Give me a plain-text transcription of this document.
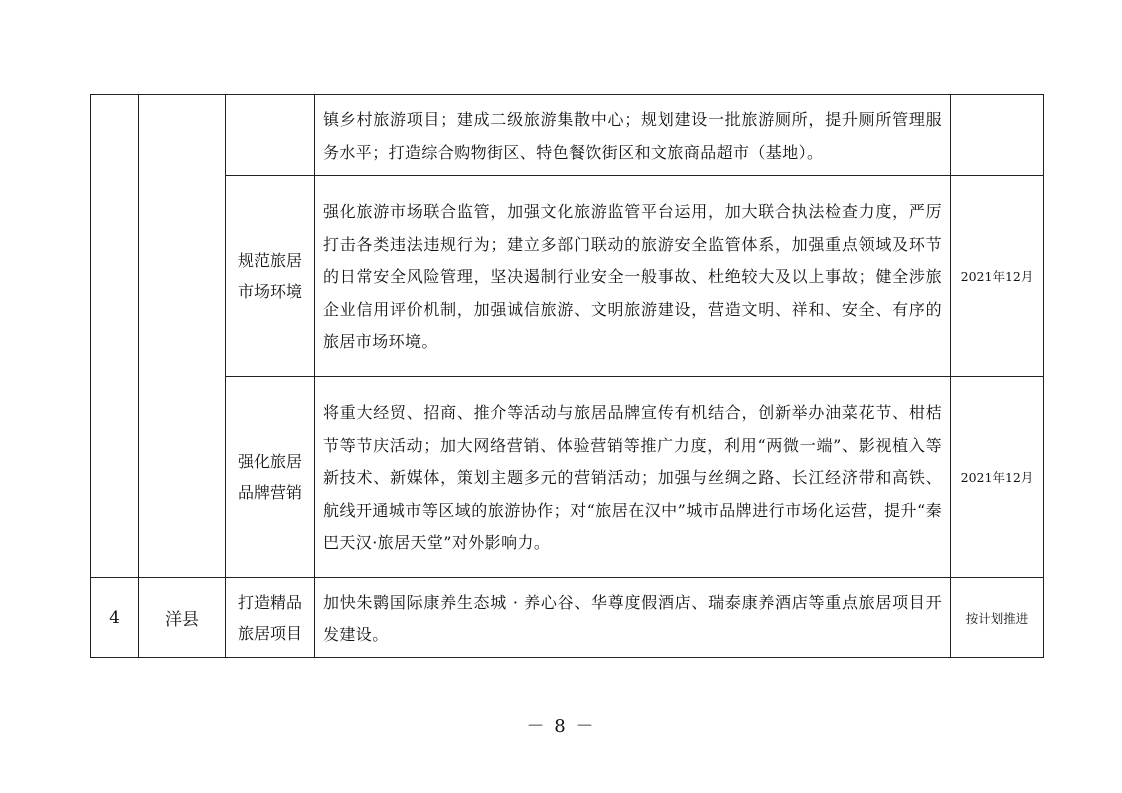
			镇乡村旅游项目；建成二级旅游集散中心；规划建设一批旅游厕所，提升厕所管理服务水平；打造综合购物街区、特色餐饮街区和文旅商品超市（基地）。	
		规范旅居市场环境	强化旅游市场联合监管，加强文化旅游监管平台运用，加大联合执法检查力度，严厉打击各类违法违规行为；建立多部门联动的旅游安全监管体系，加强重点领域及环节的日常安全风险管理，坚决遏制行业安全一般事故、杜绝较大及以上事故；健全涉旅企业信用评价机制，加强诚信旅游、文明旅游建设，营造文明、祥和、安全、有序的旅居市场环境。	2021年12月
		强化旅居品牌营销	将重大经贸、招商、推介等活动与旅居品牌宣传有机结合，创新举办油菜花节、柑桔节等节庆活动；加大网络营销、体验营销等推广力度，利用“两微一端”、影视植入等新技术、新媒体，策划主题多元的营销活动；加强与丝绸之路、长江经济带和高铁、航线开通城市等区域的旅游协作；对“旅居在汉中”城市品牌进行市场化运营，提升“秦巴天汉·旅居天堂”对外影响力。	2021年12月
4	洋县	打造精品旅居项目	加快朱鹮国际康养生态城 · 养心谷、华尊度假酒店、瑞泰康养酒店等重点旅居项目开发建设。	按计划推进
－ 8 －
